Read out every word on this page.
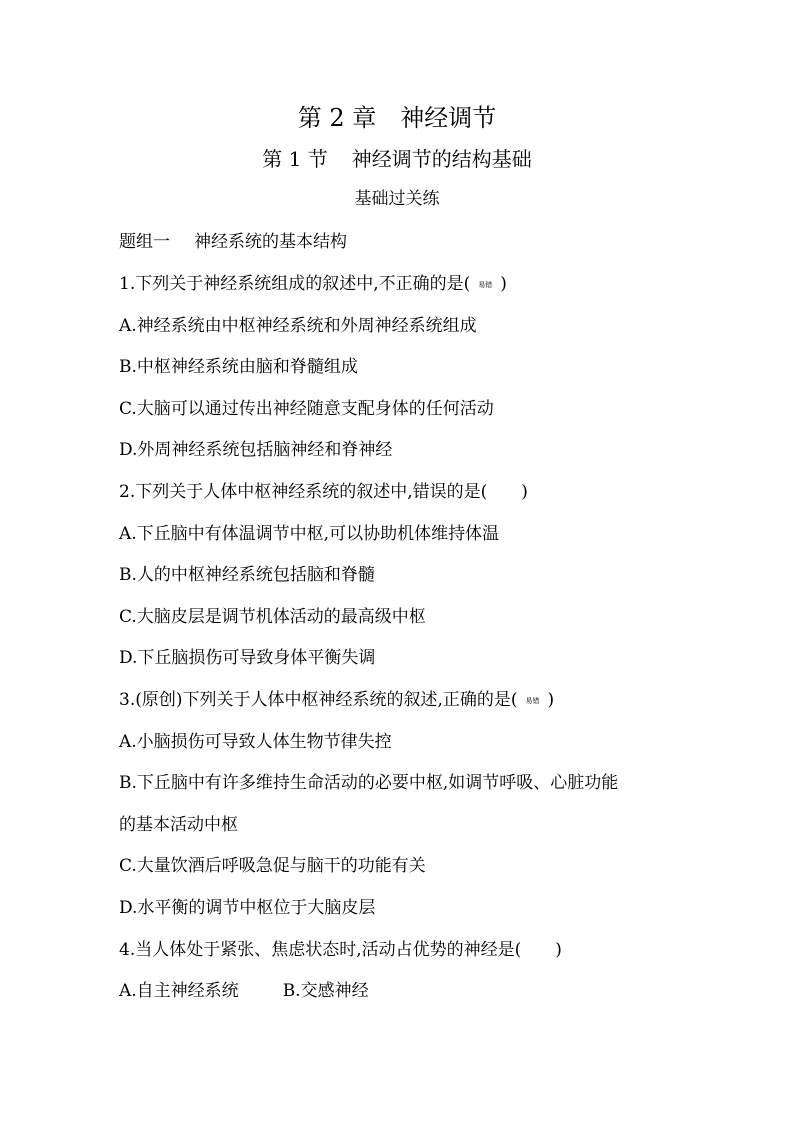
第 2 章 神经调节
第 1 节 神经调节的结构基础
基础过关练
题组一 神经系统的基本结构
1.下列关于神经系统组成的叙述中,不正确的是( 易错 )
A.神经系统由中枢神经系统和外周神经系统组成
B.中枢神经系统由脑和脊髓组成
C.大脑可以通过传出神经随意支配身体的任何活动
D.外周神经系统包括脑神经和脊神经
2.下列关于人体中枢神经系统的叙述中,错误的是( )
A.下丘脑中有体温调节中枢,可以协助机体维持体温
B.人的中枢神经系统包括脑和脊髓
C.大脑皮层是调节机体活动的最高级中枢
D.下丘脑损伤可导致身体平衡失调
3.(原创)下列关于人体中枢神经系统的叙述,正确的是( 易错 )
A.小脑损伤可导致人体生物节律失控
B.下丘脑中有许多维持生命活动的必要中枢,如调节呼吸、心脏功能
的基本活动中枢
C.大量饮酒后呼吸急促与脑干的功能有关
D.水平衡的调节中枢位于大脑皮层
4.当人体处于紧张、焦虑状态时,活动占优势的神经是( )
A.自主神经系统	B.交感神经
